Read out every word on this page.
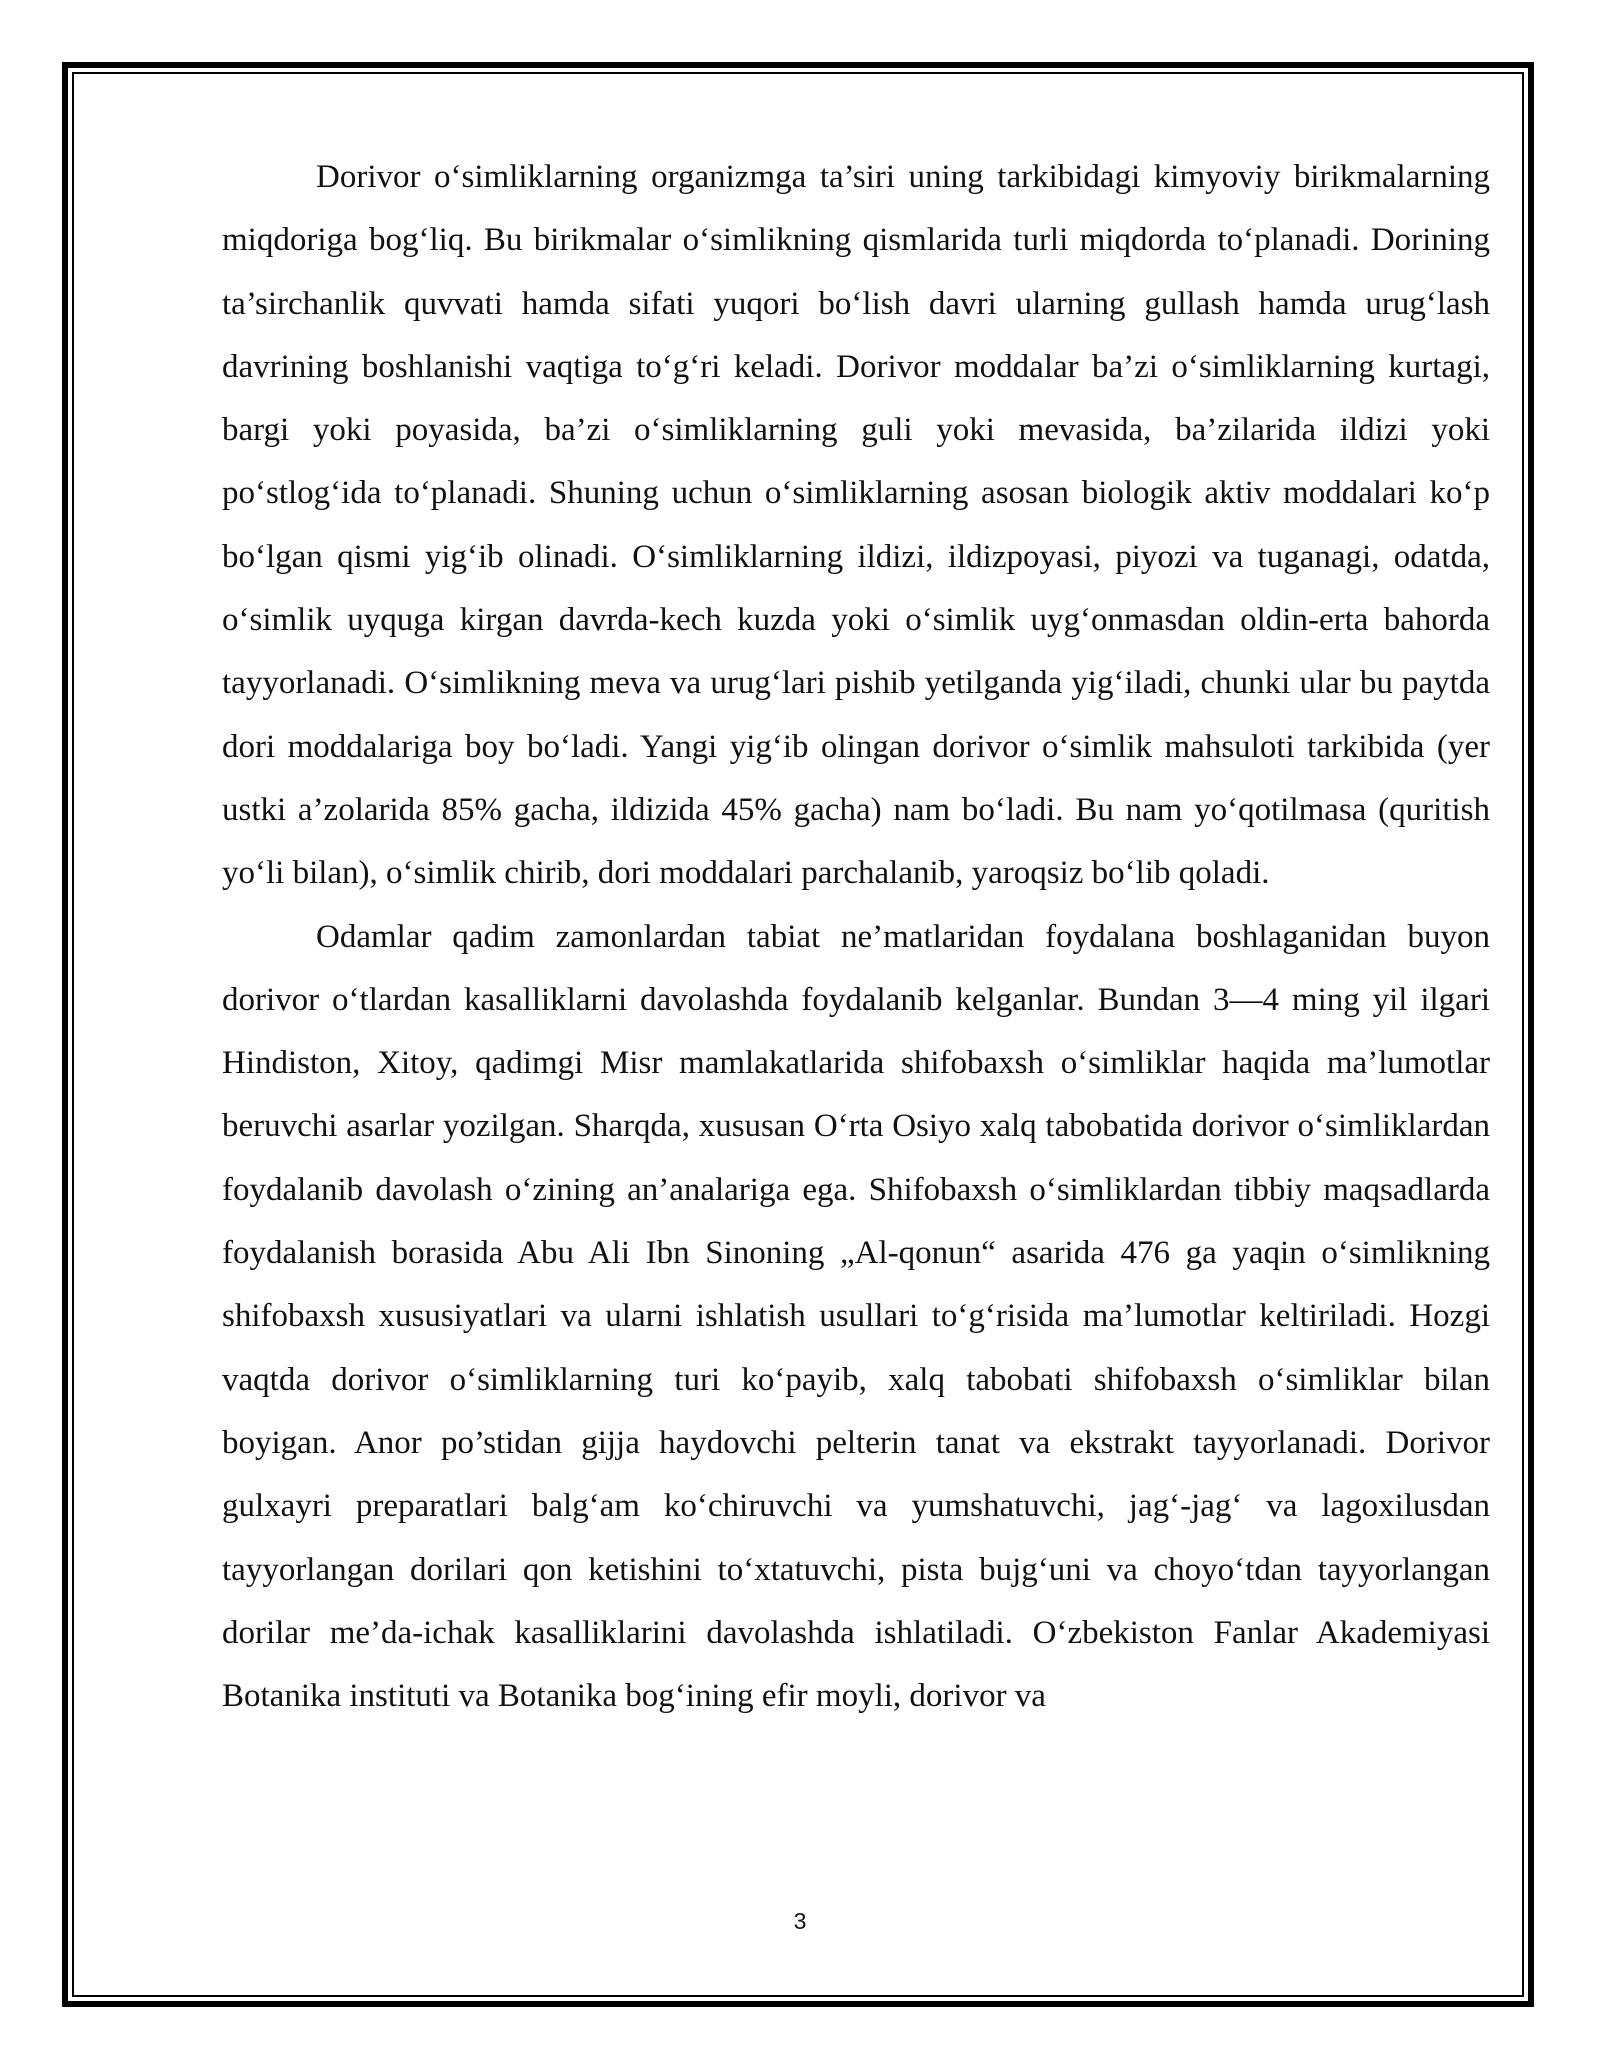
Dorivor o‘simliklarning organizmga ta’siri uning tarkibidagi kimyoviy birikmalarning miqdoriga bog‘liq. Bu birikmalar o‘simlikning qismlarida turli miqdorda to‘planadi. Dorining ta’sirchanlik quvvati hamda sifati yuqori bo‘lish davri ularning gullash hamda urug‘lash davrining boshlanishi vaqtiga to‘g‘ri keladi. Dorivor moddalar ba’zi o‘simliklarning kurtagi, bargi yoki poyasida, ba’zi o‘simliklarning guli yoki mevasida, ba’zilarida ildizi yoki po‘stlog‘ida to‘planadi. Shuning uchun o‘simliklarning asosan biologik aktiv moddalari ko‘p bo‘lgan qismi yig‘ib olinadi. O‘simliklarning ildizi, ildizpoyasi, piyozi va tuganagi, odatda, o‘simlik uyquga kirgan davrda-kech kuzda yoki o‘simlik uyg‘onmasdan oldin-erta bahorda tayyorlanadi. O‘simlikning meva va urug‘lari pishib yetilganda yig‘iladi, chunki ular bu paytda dori moddalariga boy bo‘ladi. Yangi yig‘ib olingan dorivor o‘simlik mahsuloti tarkibida (yer ustki a’zolarida 85% gacha, ildizida 45% gacha) nam bo‘ladi. Bu nam yo‘qotilmasa (quritish yo‘li bilan), o‘simlik chirib, dori moddalari parchalanib, yaroqsiz bo‘lib qoladi.

Odamlar qadim zamonlardan tabiat ne’matlaridan foydalana boshlaganidan buyon dorivor o‘tlardan kasalliklarni davolashda foydalanib kelganlar. Bundan 3—4 ming yil ilgari Hindiston, Xitoy, qadimgi Misr mamlakatlarida shifobaxsh o‘simliklar haqida ma’lumotlar beruvchi asarlar yozilgan. Sharqda, xususan O‘rta Osiyo xalq tabobatida dorivor o‘simliklardan foydalanib davolash o‘zining an’analariga ega. Shifobaxsh o‘simliklardan tibbiy maqsadlarda foydalanish borasida Abu Ali Ibn Sinoning „Al-qonun“ asarida 476 ga yaqin o‘simlikning shifobaxsh xususiyatlari va ularni ishlatish usullari to‘g‘risida ma’lumotlar keltiriladi. Hozgi vaqtda dorivor o‘simliklarning turi ko‘payib, xalq tabobati shifobaxsh o‘simliklar bilan boyigan. Anor po’stidan gijja haydovchi pelterin tanat va ekstrakt tayyorlanadi. Dorivor gulxayri preparatlari balg‘am ko‘chiruvchi va yumshatuvchi, jag‘-jag‘ va lagoxilusdan tayyorlangan dorilari qon ketishini to‘xtatuvchi, pista bujg‘uni va choyo‘tdan tayyorlangan dorilar me’da-ichak kasalliklarini davolashda ishlatiladi. O‘zbekiston Fanlar Akademiyasi Botanika instituti va Botanika bog‘ining efir moyli, dorivor va

3
